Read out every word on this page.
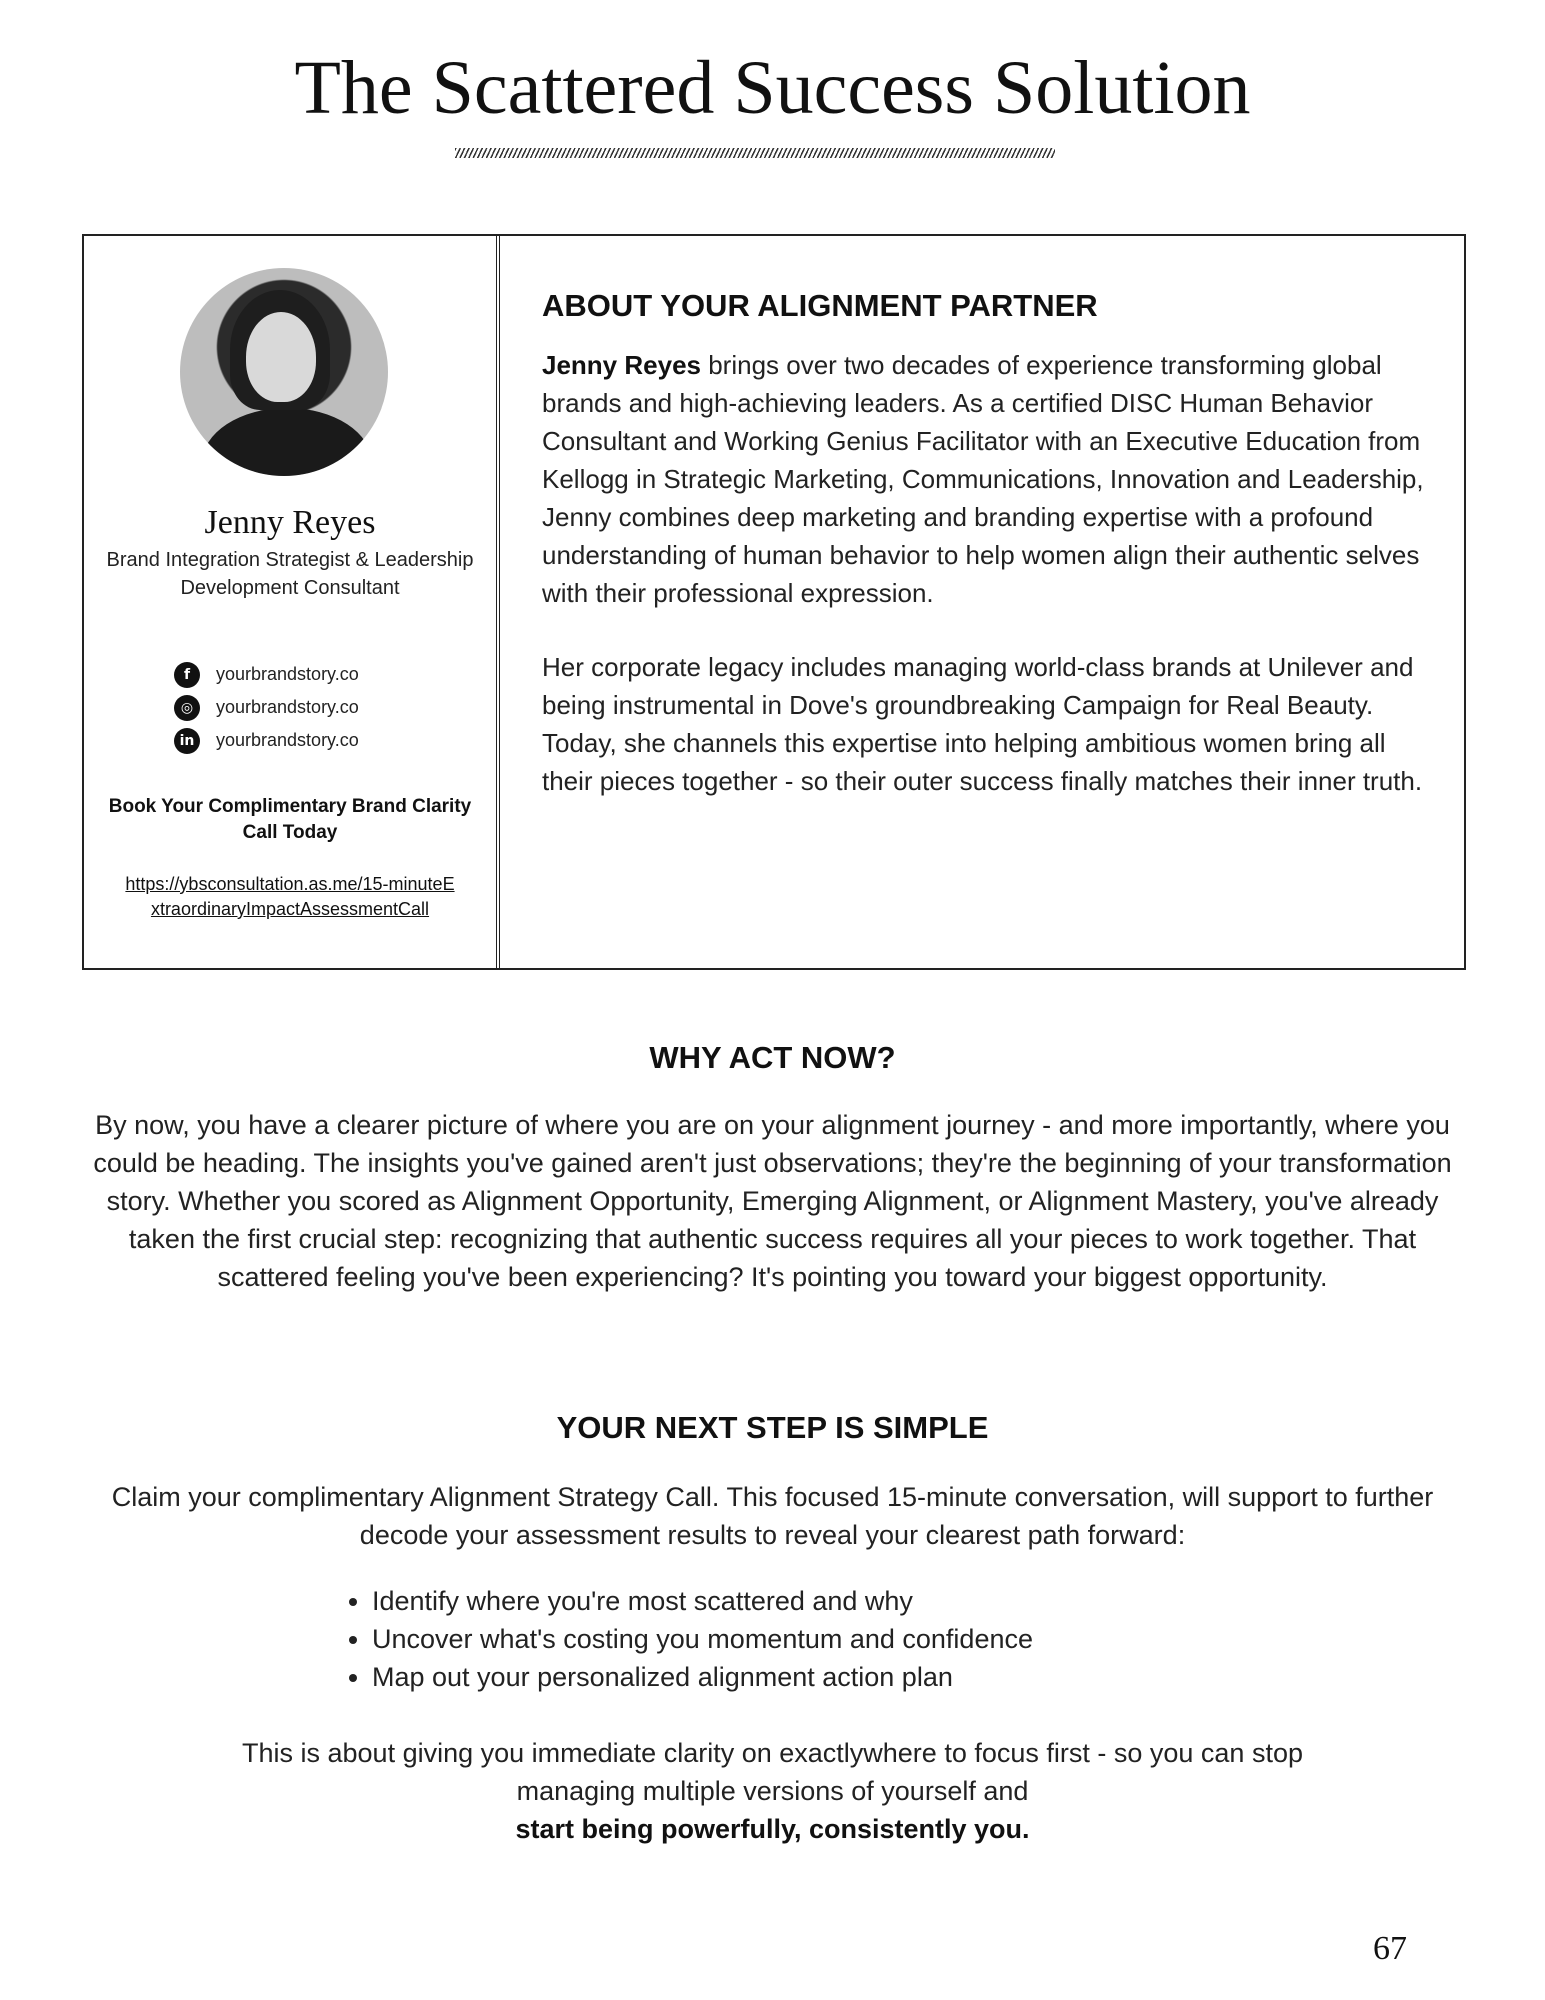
The Scattered Success Solution
Jenny Reyes
Brand Integration Strategist & Leadership Development Consultant
f	yourbrandstory.co
◎	yourbrandstory.co
in	yourbrandstory.co
Book Your Complimentary Brand Clarity Call Today
https://ybsconsultation.as.me/15-minuteExtraordinaryImpactAssessmentCall
ABOUT YOUR ALIGNMENT PARTNER

Jenny Reyes brings over two decades of experience transforming global brands and high-achieving leaders. As a certified DISC Human Behavior Consultant and Working Genius Facilitator with an Executive Education from Kellogg in Strategic Marketing, Communications, Innovation and Leadership, Jenny combines deep marketing and branding expertise with a profound understanding of human behavior to help women align their authentic selves with their professional expression.

Her corporate legacy includes managing world-class brands at Unilever and being instrumental in Dove's groundbreaking Campaign for Real Beauty. Today, she channels this expertise into helping ambitious women bring all their pieces together - so their outer success finally matches their inner truth.

WHY ACT NOW?

By now, you have a clearer picture of where you are on your alignment journey - and more importantly, where you could be heading. The insights you've gained aren't just observations; they're the beginning of your transformation story. Whether you scored as Alignment Opportunity, Emerging Alignment, or Alignment Mastery, you've already taken the first crucial step: recognizing that authentic success requires all your pieces to work together. That scattered feeling you've been experiencing? It's pointing you toward your biggest opportunity.

YOUR NEXT STEP IS SIMPLE

Claim your complimentary Alignment Strategy Call. This focused 15-minute conversation, will support to further decode your assessment results to reveal your clearest path forward:

• Identify where you're most scattered and why
• Uncover what's costing you momentum and confidence
• Map out your personalized alignment action plan

This is about giving you immediate clarity on exactlywhere to focus first - so you can stop managing multiple versions of yourself and
start being powerfully, consistently you.

67
